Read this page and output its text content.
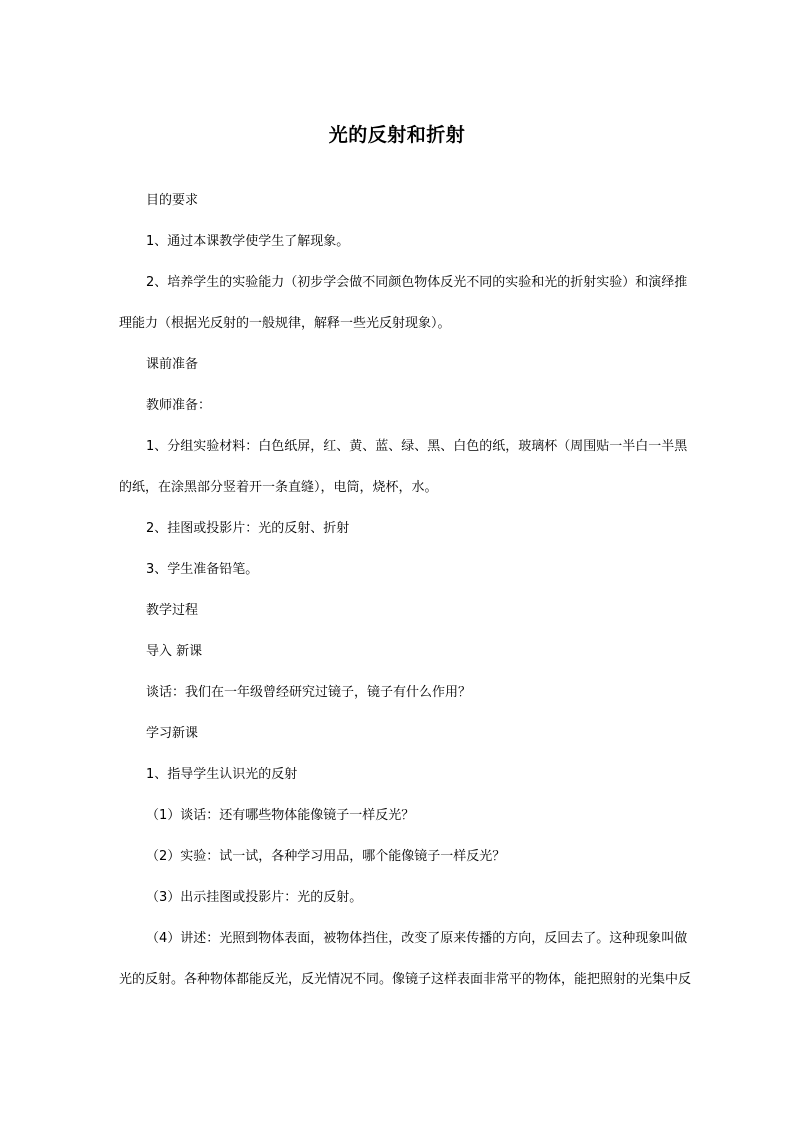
光的反射和折射

目的要求

1、通过本课教学使学生了解现象。

2、培养学生的实验能力（初步学会做不同颜色物体反光不同的实验和光的折射实验）和演绎推

理能力（根据光反射的一般规律，解释一些光反射现象）。

课前准备

教师准备：

1、分组实验材料：白色纸屏，红、黄、蓝、绿、黑、白色的纸，玻璃杯（周围贴一半白一半黑

的纸，在涂黑部分竖着开一条直缝），电筒，烧杯，水。

2、挂图或投影片：光的反射、折射

3、学生准备铅笔。

教学过程

导入 新课

谈话：我们在一年级曾经研究过镜子，镜子有什么作用？

学习新课

1、指导学生认识光的反射

（1）谈话：还有哪些物体能像镜子一样反光？

（2）实验：试一试，各种学习用品，哪个能像镜子一样反光？

（3）出示挂图或投影片：光的反射。

（4）讲述：光照到物体表面，被物体挡住，改变了原来传播的方向，反回去了。这种现象叫做

光的反射。各种物体都能反光，反光情况不同。像镜子这样表面非常平的物体，能把照射的光集中反
